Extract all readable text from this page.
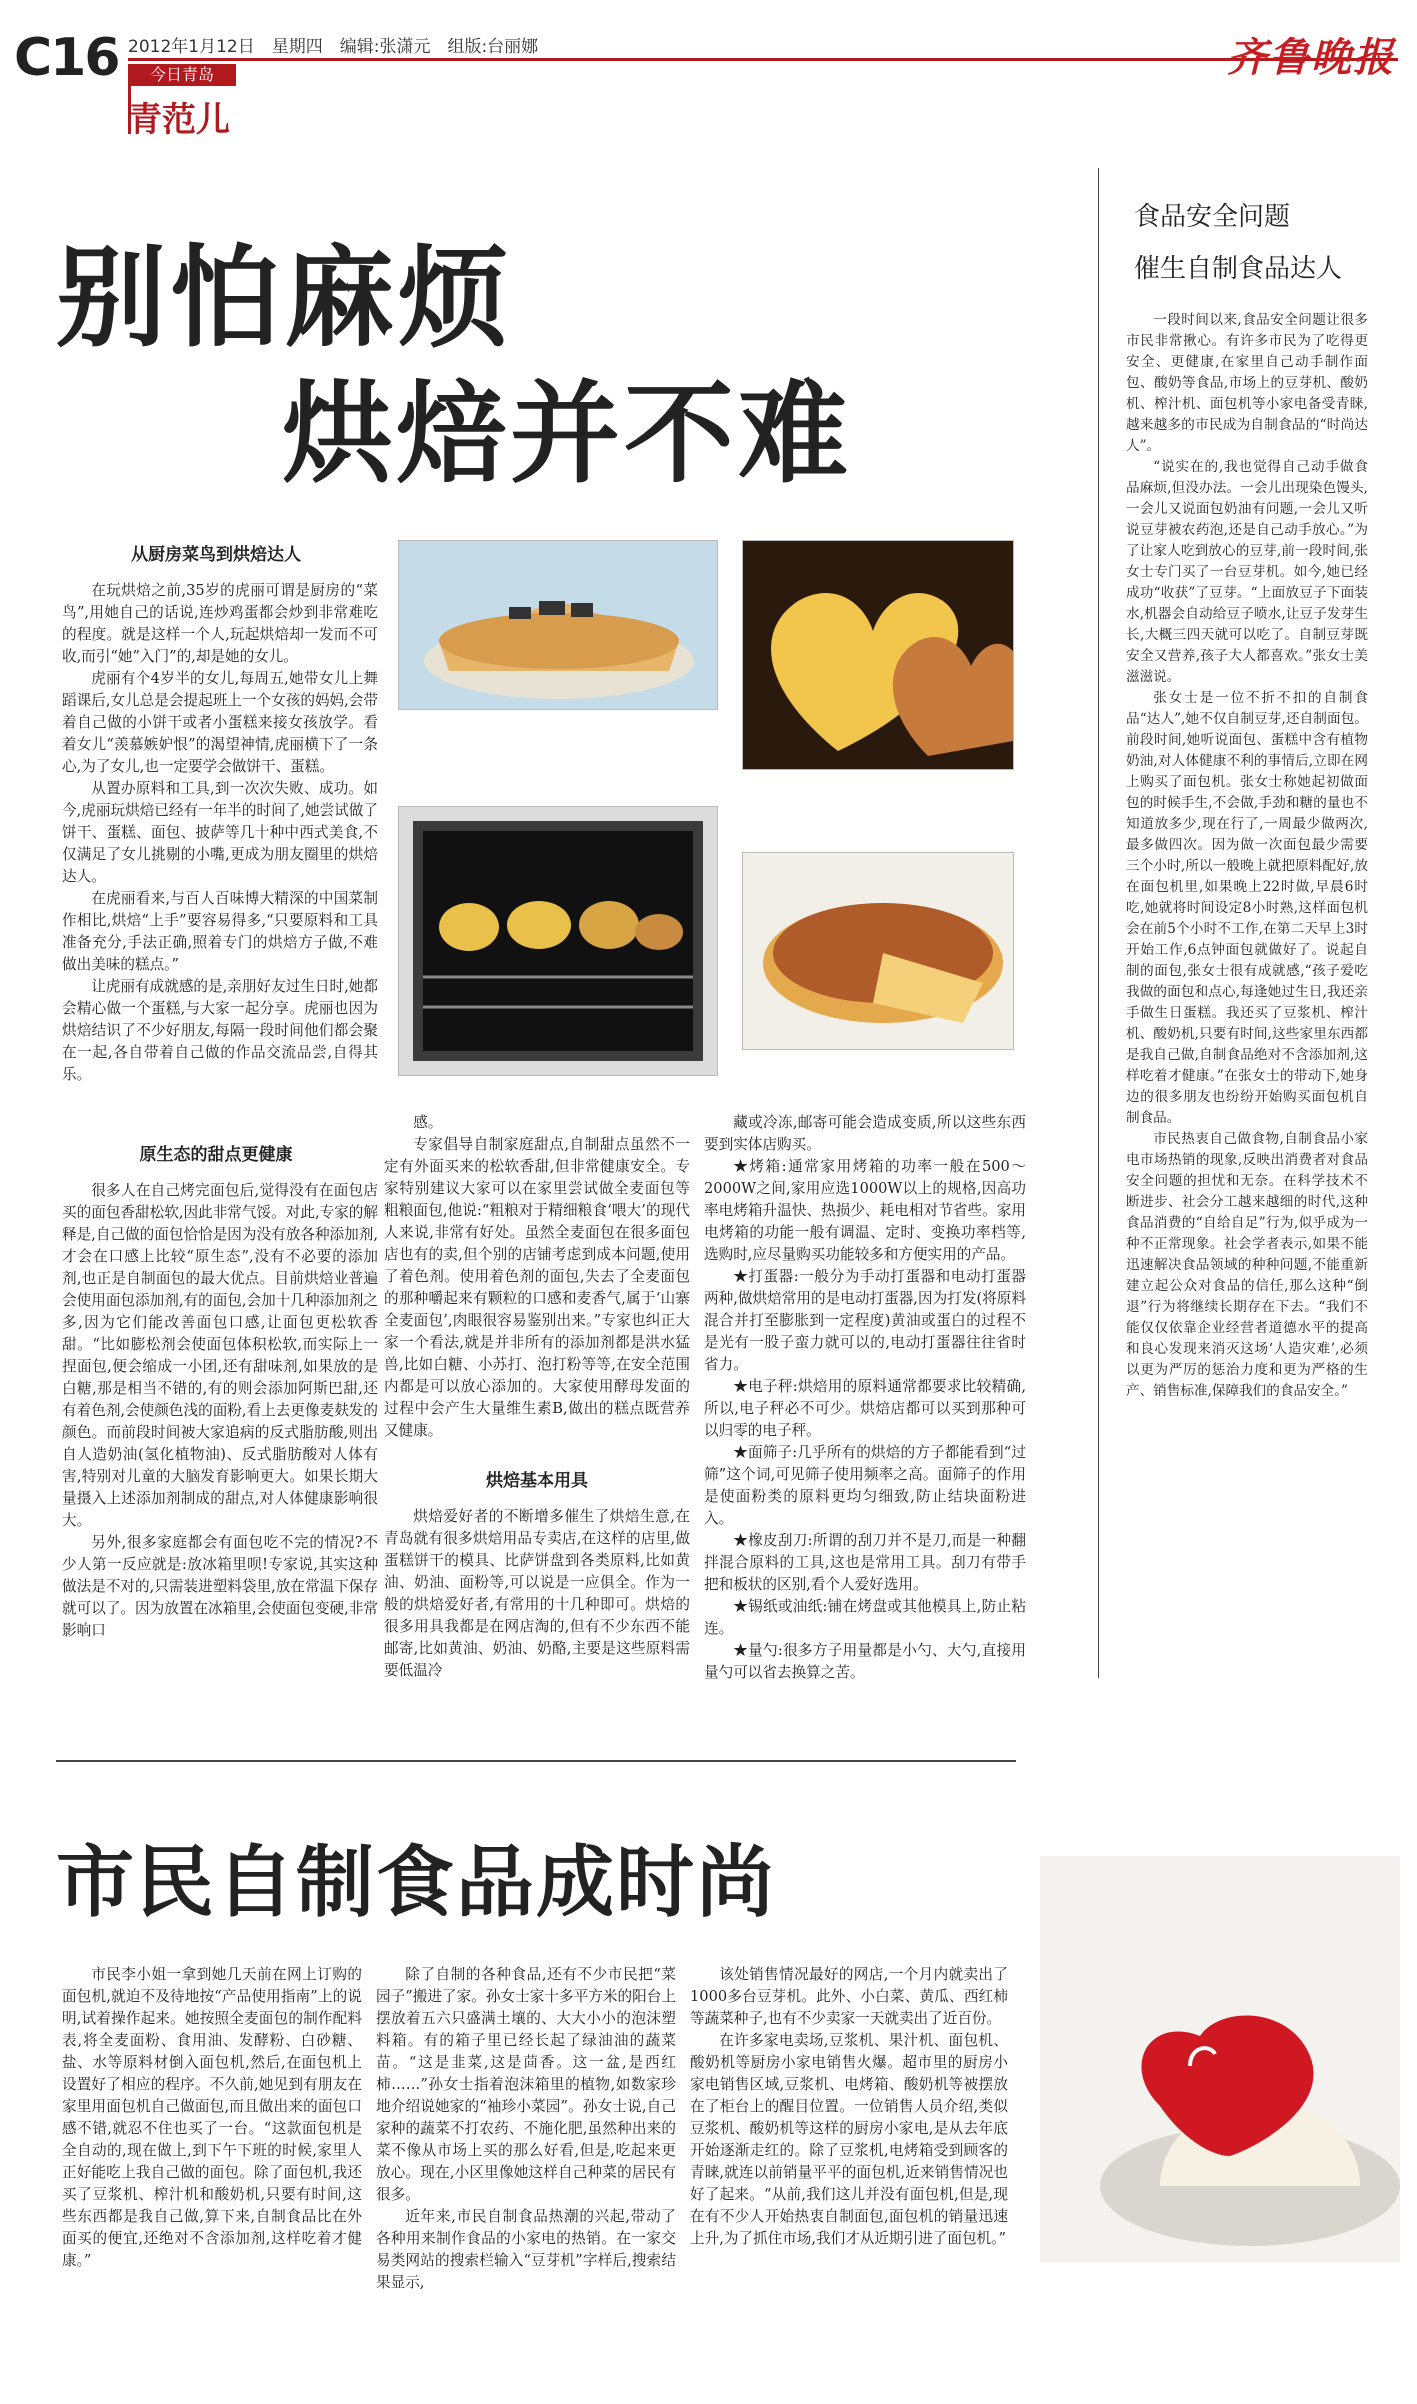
C16 2012年1月12日　星期四　编辑:张潇元　组版:台丽娜
今日青岛
青范儿
齐鲁晚报
别怕麻烦
烘焙并不难
从厨房菜鸟到烘焙达人

在玩烘焙之前,35岁的虎丽可谓是厨房的“菜鸟”,用她自己的话说,连炒鸡蛋都会炒到非常难吃的程度。就是这样一个人,玩起烘焙却一发而不可收,而引“她”入门”的,却是她的女儿。

虎丽有个4岁半的女儿,每周五,她带女儿上舞蹈课后,女儿总是会提起班上一个女孩的妈妈,会带着自己做的小饼干或者小蛋糕来接女孩放学。看着女儿“羡慕嫉妒恨”的渴望神情,虎丽横下了一条心,为了女儿,也一定要学会做饼干、蛋糕。

从置办原料和工具,到一次次失败、成功。如今,虎丽玩烘焙已经有一年半的时间了,她尝试做了饼干、蛋糕、面包、披萨等几十种中西式美食,不仅满足了女儿挑剔的小嘴,更成为朋友圈里的烘焙达人。

在虎丽看来,与百人百味博大精深的中国菜制作相比,烘焙“上手”要容易得多,“只要原料和工具准备充分,手法正确,照着专门的烘焙方子做,不难做出美味的糕点。”

让虎丽有成就感的是,亲朋好友过生日时,她都会精心做一个蛋糕,与大家一起分享。虎丽也因为烘焙结识了不少好朋友,每隔一段时间他们都会聚在一起,各自带着自己做的作品交流品尝,自得其乐。

原生态的甜点更健康

很多人在自己烤完面包后,觉得没有在面包店买的面包香甜松软,因此非常气馁。对此,专家的解释是,自己做的面包恰恰是因为没有放各种添加剂,才会在口感上比较“原生态”,没有不必要的添加剂,也正是自制面包的最大优点。目前烘焙业普遍会使用面包添加剂,有的面包,会加十几种添加剂之多,因为它们能改善面包口感,让面包更松软香甜。“比如膨松剂会使面包体积松软,而实际上一捏面包,便会缩成一小团,还有甜味剂,如果放的是白糖,那是相当不错的,有的则会添加阿斯巴甜,还有着色剂,会使颜色浅的面粉,看上去更像麦麸发的颜色。而前段时间被大家追病的反式脂肪酸,则出自人造奶油(氢化植物油)、反式脂肪酸对人体有害,特别对儿童的大脑发育影响更大。如果长期大量摄入上述添加剂制成的甜点,对人体健康影响很大。

另外,很多家庭都会有面包吃不完的情况?不少人第一反应就是:放冰箱里呗!专家说,其实这种做法是不对的,只需装进塑料袋里,放在常温下保存就可以了。因为放置在冰箱里,会使面包变硬,非常影响口

感。

专家倡导自制家庭甜点,自制甜点虽然不一定有外面买来的松软香甜,但非常健康安全。专家特别建议大家可以在家里尝试做全麦面包等粗粮面包,他说:“粗粮对于精细粮食‘喂大’的现代人来说,非常有好处。虽然全麦面包在很多面包店也有的卖,但个别的店铺考虑到成本问题,使用了着色剂。使用着色剂的面包,失去了全麦面包的那种嚼起来有颗粒的口感和麦香气,属于‘山寨全麦面包’,肉眼很容易鉴别出来。”专家也纠正大家一个看法,就是并非所有的添加剂都是洪水猛兽,比如白糖、小苏打、泡打粉等等,在安全范围内都是可以放心添加的。大家使用酵母发面的过程中会产生大量维生素B,做出的糕点既营养又健康。

烘焙基本用具

烘焙爱好者的不断增多催生了烘焙生意,在青岛就有很多烘焙用品专卖店,在这样的店里,做蛋糕饼干的模具、比萨饼盘到各类原料,比如黄油、奶油、面粉等,可以说是一应俱全。作为一般的烘焙爱好者,有常用的十几种即可。烘焙的很多用具我都是在网店淘的,但有不少东西不能邮寄,比如黄油、奶油、奶酪,主要是这些原料需要低温冷

藏或冷冻,邮寄可能会造成变质,所以这些东西要到实体店购买。

★烤箱:通常家用烤箱的功率一般在500～2000W之间,家用应选1000W以上的规格,因高功率电烤箱升温快、热损少、耗电相对节省些。家用电烤箱的功能一般有调温、定时、变换功率档等,选购时,应尽量购买功能较多和方便实用的产品。

★打蛋器:一般分为手动打蛋器和电动打蛋器两种,做烘焙常用的是电动打蛋器,因为打发(将原料混合并打至膨胀到一定程度)黄油或蛋白的过程不是光有一股子蛮力就可以的,电动打蛋器往往省时省力。

★电子秤:烘焙用的原料通常都要求比较精确,所以,电子秤必不可少。烘焙店都可以买到那种可以归零的电子秤。

★面筛子:几乎所有的烘焙的方子都能看到“过筛”这个词,可见筛子使用频率之高。面筛子的作用是使面粉类的原料更均匀细致,防止结块面粉进入。

★橡皮刮刀:所谓的刮刀并不是刀,而是一种翻拌混合原料的工具,这也是常用工具。刮刀有带手把和板状的区别,看个人爱好选用。

★锡纸或油纸:铺在烤盘或其他模具上,防止粘连。

★量勺:很多方子用量都是小勺、大勺,直接用量勺可以省去换算之苦。

食品安全问题
催生自制食品达人

一段时间以来,食品安全问题让很多市民非常揪心。有许多市民为了吃得更安全、更健康,在家里自己动手制作面包、酸奶等食品,市场上的豆芽机、酸奶机、榨汁机、面包机等小家电备受青睐,越来越多的市民成为自制食品的“时尚达人”。

“说实在的,我也觉得自己动手做食品麻烦,但没办法。一会儿出现染色馒头,一会儿又说面包奶油有问题,一会儿又听说豆芽被农药泡,还是自己动手放心。”为了让家人吃到放心的豆芽,前一段时间,张女士专门买了一台豆芽机。如今,她已经成功“收获”了豆芽。“上面放豆子下面装水,机器会自动给豆子喷水,让豆子发芽生长,大概三四天就可以吃了。自制豆芽既安全又营养,孩子大人都喜欢。”张女士美滋滋说。

张女士是一位不折不扣的自制食品“达人”,她不仅自制豆芽,还自制面包。前段时间,她听说面包、蛋糕中含有植物奶油,对人体健康不利的事情后,立即在网上购买了面包机。张女士称她起初做面包的时候手生,不会做,手劲和糖的量也不知道放多少,现在行了,一周最少做两次,最多做四次。因为做一次面包最少需要三个小时,所以一般晚上就把原料配好,放在面包机里,如果晚上22时做,早晨6时吃,她就将时间设定8小时熟,这样面包机会在前5个小时不工作,在第二天早上3时开始工作,6点钟面包就做好了。说起自制的面包,张女士很有成就感,“孩子爱吃我做的面包和点心,每逢她过生日,我还亲手做生日蛋糕。我还买了豆浆机、榨汁机、酸奶机,只要有时间,这些家里东西都是我自己做,自制食品绝对不含添加剂,这样吃着才健康。”在张女士的带动下,她身边的很多朋友也纷纷开始购买面包机自制食品。

市民热衷自己做食物,自制食品小家电市场热销的现象,反映出消费者对食品安全问题的担忧和无奈。在科学技术不断进步、社会分工越来越细的时代,这种食品消费的“自给自足”行为,似乎成为一种不正常现象。社会学者表示,如果不能迅速解决食品领域的种种问题,不能重新建立起公众对食品的信任,那么这种“倒退”行为将继续长期存在下去。“我们不能仅仅依靠企业经营者道德水平的提高和良心发现来消灭这场‘人造灾难’,必须以更为严厉的惩治力度和更为严格的生产、销售标准,保障我们的食品安全。”

市民自制食品成时尚

市民李小姐一拿到她几天前在网上订购的面包机,就迫不及待地按“产品使用指南”上的说明,试着操作起来。她按照全麦面包的制作配料表,将全麦面粉、食用油、发酵粉、白砂糖、盐、水等原料材倒入面包机,然后,在面包机上设置好了相应的程序。不久前,她见到有朋友在家里用面包机自己做面包,而且做出来的面包口感不错,就忍不住也买了一台。“这款面包机是全自动的,现在做上,到下午下班的时候,家里人正好能吃上我自己做的面包。除了面包机,我还买了豆浆机、榨汁机和酸奶机,只要有时间,这些东西都是我自己做,算下来,自制食品比在外面买的便宜,还绝对不含添加剂,这样吃着才健康。”

除了自制的各种食品,还有不少市民把“菜园子”搬进了家。孙女士家十多平方米的阳台上摆放着五六只盛满土壤的、大大小小的泡沫塑料箱。有的箱子里已经长起了绿油油的蔬菜苗。“这是韭菜,这是茴香。这一盆,是西红柿……”孙女士指着泡沫箱里的植物,如数家珍地介绍说她家的“袖珍小菜园”。孙女士说,自己家种的蔬菜不打农药、不施化肥,虽然种出来的菜不像从市场上买的那么好看,但是,吃起来更放心。现在,小区里像她这样自己种菜的居民有很多。

近年来,市民自制食品热潮的兴起,带动了各种用来制作食品的小家电的热销。在一家交易类网站的搜索栏输入“豆芽机”字样后,搜索结果显示,

该处销售情况最好的网店,一个月内就卖出了1000多台豆芽机。此外、小白菜、黄瓜、西红柿等蔬菜种子,也有不少卖家一天就卖出了近百份。

在许多家电卖场,豆浆机、果汁机、面包机、酸奶机等厨房小家电销售火爆。超市里的厨房小家电销售区域,豆浆机、电烤箱、酸奶机等被摆放在了柜台上的醒目位置。一位销售人员介绍,类似豆浆机、酸奶机等这样的厨房小家电,是从去年底开始逐渐走红的。除了豆浆机,电烤箱受到顾客的青睐,就连以前销量平平的面包机,近来销售情况也好了起来。“从前,我们这儿并没有面包机,但是,现在有不少人开始热衷自制面包,面包机的销量迅速上升,为了抓住市场,我们才从近期引进了面包机。”
